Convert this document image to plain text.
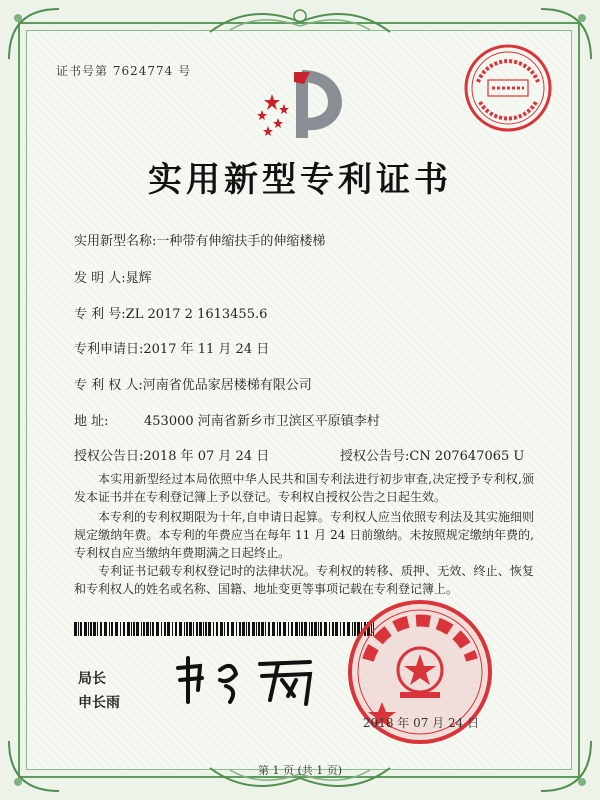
证书号第 7624774 号
实用新型专利证书
实用新型名称:一种带有伸缩扶手的伸缩楼梯
发 明 人:晁辉
专 利 号:ZL 2017 2 1613455.6
专利申请日:2017 年 11 月 24 日
专 利 权 人:河南省优品家居楼梯有限公司
地 址:	453000 河南省新乡市卫滨区平原镇李村
授权公告日:2018 年 07 月 24 日	授权公告号:CN 207647065 U
本实用新型经过本局依照中华人民共和国专利法进行初步审查,决定授予专利权,颁发本证书并在专利登记簿上予以登记。专利权自授权公告之日起生效。
本专利的专利权期限为十年,自申请日起算。专利权人应当依照专利法及其实施细则规定缴纳年费。本专利的年费应当在每年 11 月 24 日前缴纳。未按照规定缴纳年费的,专利权自应当缴纳年费期满之日起终止。
专利证书记载专利权登记时的法律状况。专利权的转移、质押、无效、终止、恢复和专利权人的姓名或名称、国籍、地址变更等事项记载在专利登记簿上。
局长
申长雨
2018 年 07 月 24 日
第 1 页 (共 1 页)
